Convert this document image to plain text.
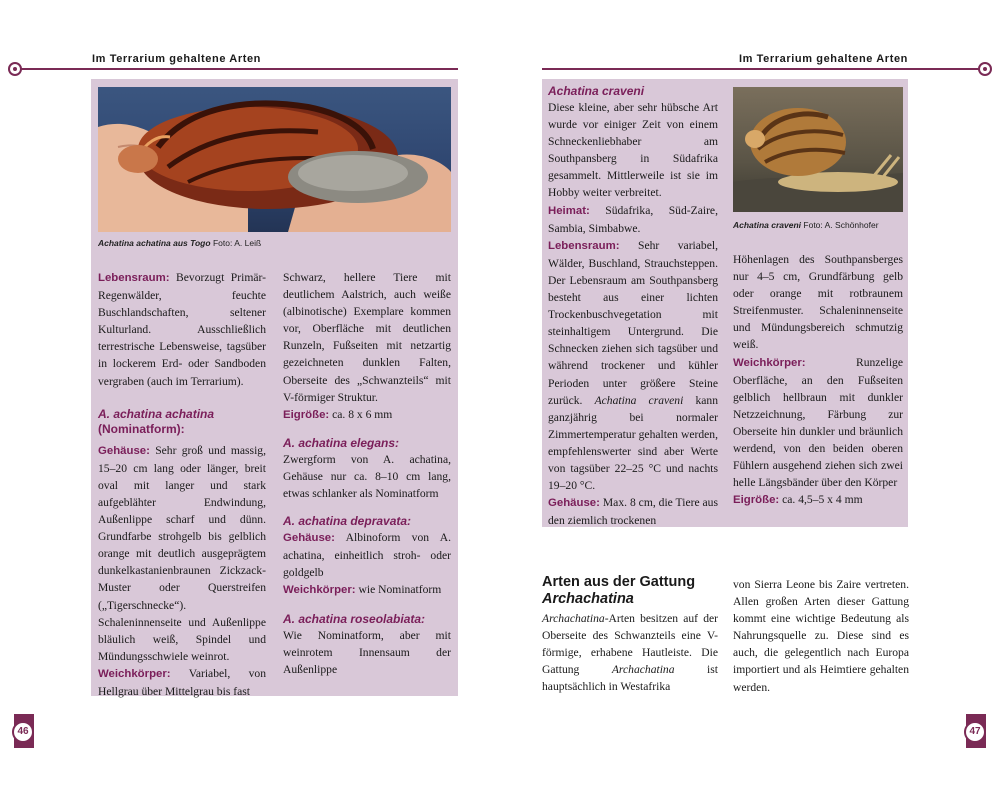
Im Terrarium gehaltene Arten	Im Terrarium gehaltene Arten
Achatina achatina aus Togo Foto: A. Leiß

Lebensraum: Bevorzugt Primär-Regenwälder, feuchte Buschlandschaften, seltener Kulturland. Ausschließlich terrestrische Lebensweise, tagsüber in lockerem Erd- oder Sandboden vergraben (auch im Terrarium).

A. achatina achatina
(Nominatform):

Gehäuse: Sehr groß und massig, 15–20 cm lang oder länger, breit oval mit langer und stark aufgeblähter Endwindung, Außenlippe scharf und dünn. Grundfarbe strohgelb bis gelblich orange mit deutlich ausgeprägtem dunkelkastanienbraunen Zickzack-Muster oder Querstreifen („Tigerschnecke“). Schaleninnenseite und Außenlippe bläulich weiß, Spindel und Mündungsschwiele weinrot.

Weichkörper: Variabel, von Hellgrau über Mittelgrau bis fast

Schwarz, hellere Tiere mit deutlichem Aalstrich, auch weiße (albinotische) Exemplare kommen vor, Oberfläche mit deutlichen Runzeln, Fußseiten mit netzartig gezeichneten dunklen Falten, Oberseite des „Schwanzteils“ mit V-förmiger Struktur.

Eigröße: ca. 8 x 6 mm

A. achatina elegans:

Zwergform von A. achatina, Gehäuse nur ca. 8–10 cm lang, etwas schlanker als Nominatform

A. achatina depravata:

Gehäuse: Albinoform von A. achatina, einheitlich stroh- oder goldgelb

Weichkörper: wie Nominatform

A. achatina roseolabiata:

Wie Nominatform, aber mit weinrotem Innensaum der Außenlippe

46
Achatina craveni

Diese kleine, aber sehr hübsche Art wurde vor einiger Zeit von einem Schneckenliebhaber am Southpansberg in Südafrika gesammelt. Mittlerweile ist sie im Hobby weiter verbreitet.

Heimat: Südafrika, Süd-Zaire, Sambia, Simbabwe.

Lebensraum: Sehr variabel, Wälder, Buschland, Strauchsteppen. Der Lebensraum am Southpansberg besteht aus einer lichten Trockenbuschvegetation mit steinhaltigem Untergrund. Die Schnecken ziehen sich tagsüber und während trockener und kühler Perioden unter größere Steine zurück. Achatina craveni kann ganzjährig bei normaler Zimmertemperatur gehalten werden, empfehlenswerter sind aber Werte von tagsüber 22–25 °C und nachts 19–20 °C.

Gehäuse: Max. 8 cm, die Tiere aus den ziemlich trockenen

Achatina craveni Foto: A. Schönhofer

Höhenlagen des Southpansberges nur 4–5 cm, Grundfärbung gelb oder orange mit rotbraunem Streifenmuster. Schaleninnenseite und Mündungsbereich schmutzig weiß.

Weichkörper:	Runzelige Oberfläche, an den Fußseiten gelblich hellbraun mit dunkler Netzzeichnung, Färbung zur Oberseite hin dunkler und bräunlich werdend, von den beiden oberen Fühlern ausgehend ziehen sich zwei helle Längsbänder über den Körper

Eigröße: ca. 4,5–5 x 4 mm

Arten aus der Gattung
Archachatina

Archachatina-Arten besitzen auf der Oberseite des Schwanzteils eine V-förmige, erhabene Hautleiste. Die Gattung	Archachatina	ist hauptsächlich in Westafrika

von Sierra Leone bis Zaire vertreten. Allen großen Arten dieser Gattung kommt eine wichtige Bedeutung als Nahrungsquelle zu. Diese sind es auch, die gelegentlich nach Europa importiert und als Heimtiere gehalten werden.

47
